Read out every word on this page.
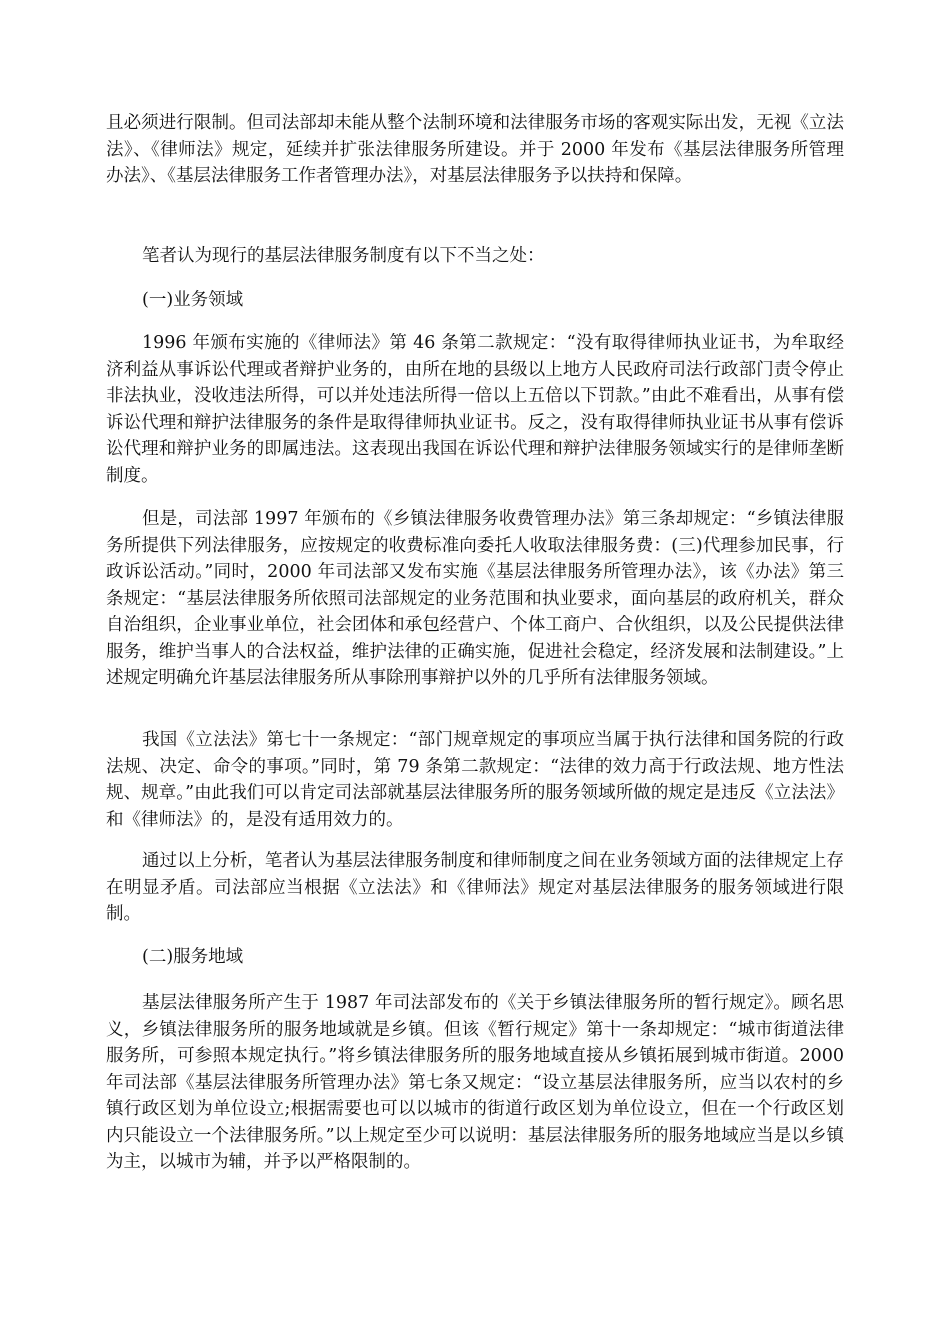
且必须进行限制。但司法部却未能从整个法制环境和法律服务市场的客观实际出发，无视《立法法》、《律师法》规定，延续并扩张法律服务所建设。并于 2000 年发布《基层法律服务所管理办法》、《基层法律服务工作者管理办法》，对基层法律服务予以扶持和保障。

笔者认为现行的基层法律服务制度有以下不当之处：

(一)业务领域

1996 年颁布实施的《律师法》第 46 条第二款规定：“没有取得律师执业证书，为牟取经济利益从事诉讼代理或者辩护业务的，由所在地的县级以上地方人民政府司法行政部门责令停止非法执业，没收违法所得，可以并处违法所得一倍以上五倍以下罚款。”由此不难看出，从事有偿诉讼代理和辩护法律服务的条件是取得律师执业证书。反之，没有取得律师执业证书从事有偿诉讼代理和辩护业务的即属违法。这表现出我国在诉讼代理和辩护法律服务领域实行的是律师垄断制度。

但是，司法部 1997 年颁布的《乡镇法律服务收费管理办法》第三条却规定：“乡镇法律服务所提供下列法律服务，应按规定的收费标准向委托人收取法律服务费：(三)代理参加民事，行政诉讼活动。”同时，2000 年司法部又发布实施《基层法律服务所管理办法》，该《办法》第三条规定：“基层法律服务所依照司法部规定的业务范围和执业要求，面向基层的政府机关，群众自治组织，企业事业单位，社会团体和承包经营户、个体工商户、合伙组织，以及公民提供法律服务，维护当事人的合法权益，维护法律的正确实施，促进社会稳定，经济发展和法制建设。”上述规定明确允许基层法律服务所从事除刑事辩护以外的几乎所有法律服务领域。

我国《立法法》第七十一条规定：“部门规章规定的事项应当属于执行法律和国务院的行政法规、决定、命令的事项。”同时，第 79 条第二款规定：“法律的效力高于行政法规、地方性法规、规章。”由此我们可以肯定司法部就基层法律服务所的服务领域所做的规定是违反《立法法》和《律师法》的，是没有适用效力的。

通过以上分析，笔者认为基层法律服务制度和律师制度之间在业务领域方面的法律规定上存在明显矛盾。司法部应当根据《立法法》和《律师法》规定对基层法律服务的服务领域进行限制。

(二)服务地域

基层法律服务所产生于 1987 年司法部发布的《关于乡镇法律服务所的暂行规定》。顾名思义，乡镇法律服务所的服务地域就是乡镇。但该《暂行规定》第十一条却规定：“城市街道法律服务所，可参照本规定执行。”将乡镇法律服务所的服务地域直接从乡镇拓展到城市街道。2000 年司法部《基层法律服务所管理办法》第七条又规定：“设立基层法律服务所，应当以农村的乡镇行政区划为单位设立;根据需要也可以以城市的街道行政区划为单位设立，但在一个行政区划内只能设立一个法律服务所。”以上规定至少可以说明：基层法律服务所的服务地域应当是以乡镇为主，以城市为辅，并予以严格限制的。
